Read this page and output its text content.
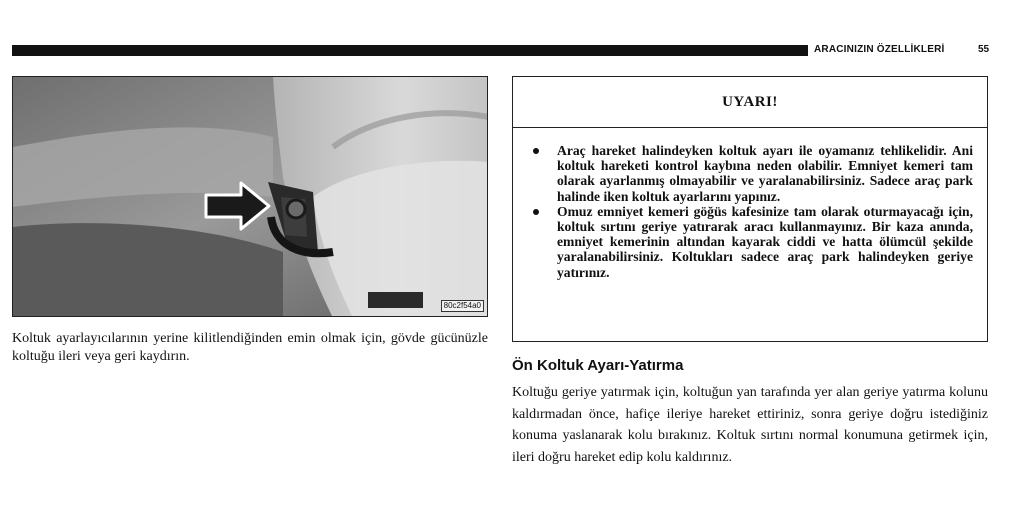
ARACINIZIN ÖZELLİKLERİ	55
80c2f54a0

Koltuk ayarlayıcılarının yerine kilitlendiğinden emin olmak için, gövde gücünüzle koltuğu ileri veya geri kaydırın.

UYARI!
Araç hareket halindeyken koltuk ayarı ile oyamanız tehlikelidir. Ani koltuk hareketi kontrol kaybına neden olabilir. Emniyet kemeri tam olarak ayarlanmış olmayabilir ve yaralanabilirsiniz. Sadece araç park halinde iken koltuk ayarlarını yapınız.
Omuz emniyet kemeri göğüs kafesinize tam olarak oturmayacağı için, koltuk sırtını geriye yatırarak aracı kullanmayınız. Bir kaza anında, emniyet kemerinin altından kayarak ciddi ve hatta ölümcül şekilde yaralanabilirsiniz. Koltukları sadece araç park halindeyken geriye yatırınız.
Ön Koltuk Ayarı-Yatırma

Koltuğu geriye yatırmak için, koltuğun yan tarafında yer alan geriye yatırma kolunu kaldırmadan önce, hafiçe ileriye hareket ettiriniz, sonra geriye doğru istediğiniz konuma yaslanarak kolu bırakınız. Koltuk sırtını normal konumuna getirmek için, ileri doğru hareket edip kolu kaldırınız.
